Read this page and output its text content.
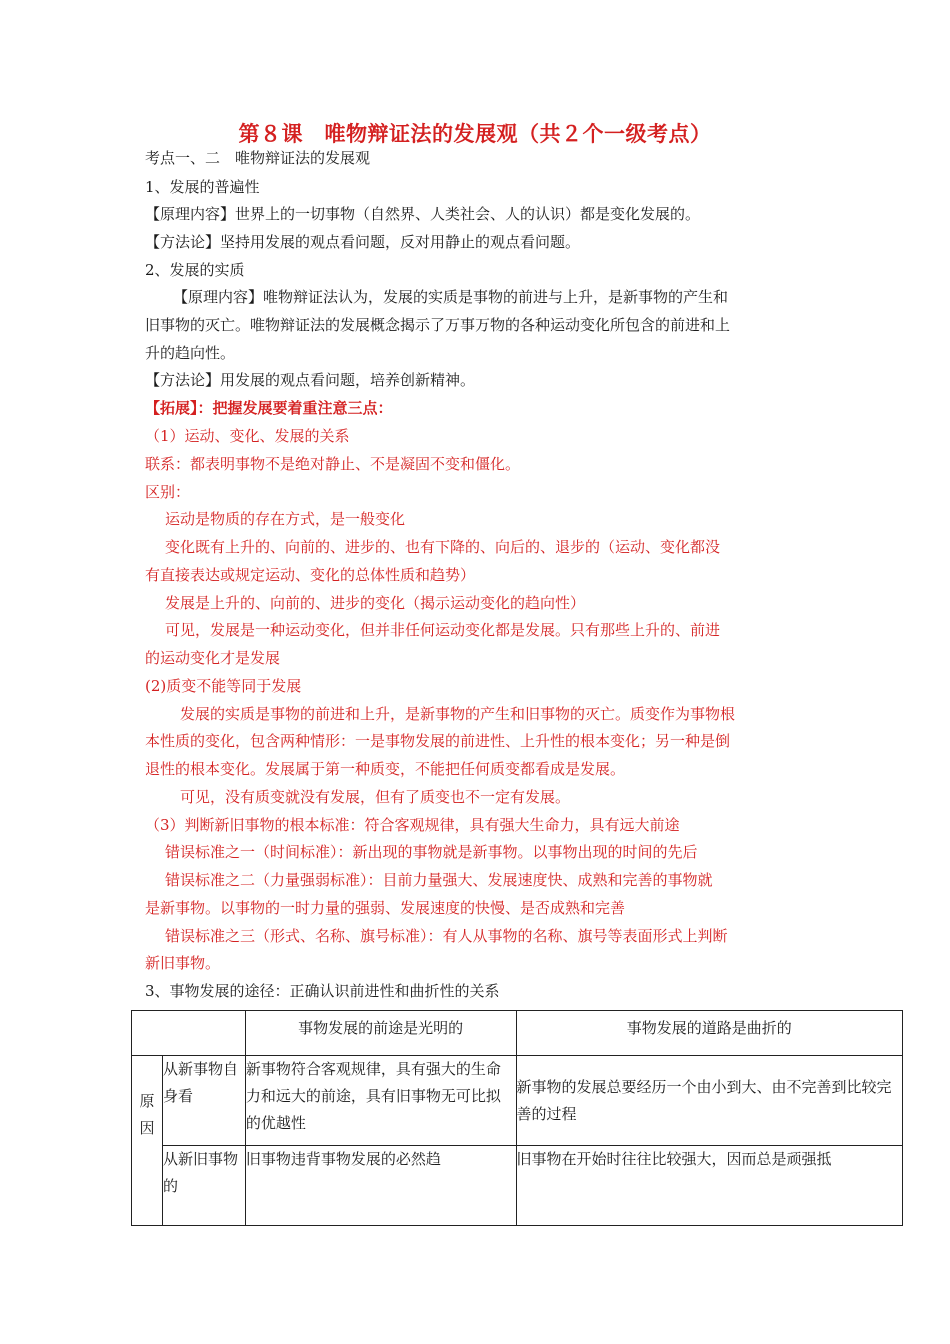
第８课　唯物辩证法的发展观（共２个一级考点）
考点一、二　唯物辩证法的发展观
1、发展的普遍性
【原理内容】世界上的一切事物（自然界、人类社会、人的认识）都是变化发展的。
【方法论】坚持用发展的观点看问题，反对用静止的观点看问题。
2、发展的实质
【原理内容】唯物辩证法认为，发展的实质是事物的前进与上升，是新事物的产生和
旧事物的灭亡。唯物辩证法的发展概念揭示了万事万物的各种运动变化所包含的前进和上
升的趋向性。
【方法论】用发展的观点看问题，培养创新精神。
【拓展】：把握发展要着重注意三点：
（1）运动、变化、发展的关系
联系：都表明事物不是绝对静止、不是凝固不变和僵化。
区别：
运动是物质的存在方式，是一般变化
变化既有上升的、向前的、进步的、也有下降的、向后的、退步的（运动、变化都没
有直接表达或规定运动、变化的总体性质和趋势）
发展是上升的、向前的、进步的变化（揭示运动变化的趋向性）
可见，发展是一种运动变化，但并非任何运动变化都是发展。只有那些上升的、前进
的运动变化才是发展
(2)质变不能等同于发展
发展的实质是事物的前进和上升，是新事物的产生和旧事物的灭亡。质变作为事物根
本性质的变化，包含两种情形：一是事物发展的前进性、上升性的根本变化；另一种是倒
退性的根本变化。发展属于第一种质变，不能把任何质变都看成是发展。
可见，没有质变就没有发展，但有了质变也不一定有发展。
（3）判断新旧事物的根本标准：符合客观规律，具有强大生命力，具有远大前途
错误标准之一（时间标准）：新出现的事物就是新事物。以事物出现的时间的先后
错误标准之二（力量强弱标准）：目前力量强大、发展速度快、成熟和完善的事物就
是新事物。以事物的一时力量的强弱、发展速度的快慢、是否成熟和完善
错误标准之三（形式、名称、旗号标准）：有人从事物的名称、旗号等表面形式上判断
新旧事物。
3、事物发展的途径：正确认识前进性和曲折性的关系
		事物发展的前途是光明的	事物发展的道路是曲折的
原因	从新事物自身看	新事物符合客观规律，具有强大的生命力和远大的前途，具有旧事物无可比拟的优越性	新事物的发展总要经历一个由小到大、由不完善到比较完善的过程
	从新旧事物的	旧事物违背事物发展的必然趋	旧事物在开始时往往比较强大，因而总是顽强抵
